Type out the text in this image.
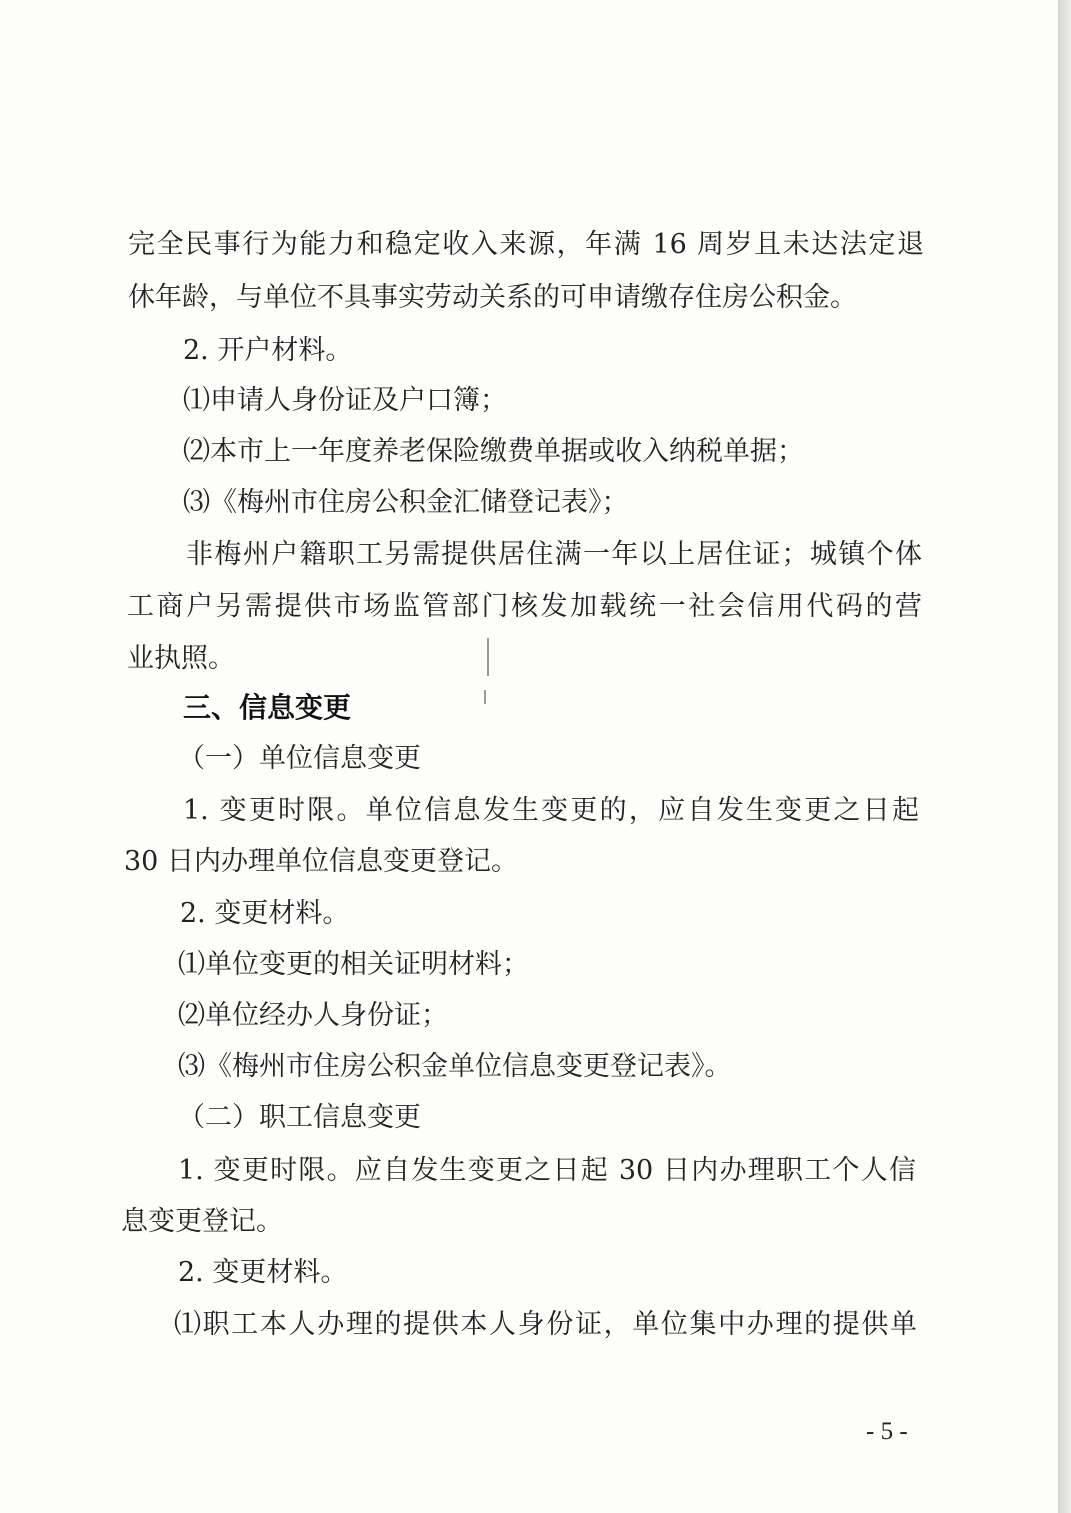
完全民事行为能力和稳定收入来源，年满 16 周岁且未达法定退
休年龄，与单位不具事实劳动关系的可申请缴存住房公积金。
2. 开户材料。
⑴申请人身份证及户口簿；
⑵本市上一年度养老保险缴费单据或收入纳税单据；
⑶《梅州市住房公积金汇储登记表》；
非梅州户籍职工另需提供居住满一年以上居住证；城镇个体
工商户另需提供市场监管部门核发加载统一社会信用代码的营
业执照。
三、信息变更
（一）单位信息变更
1. 变更时限。单位信息发生变更的，应自发生变更之日起
30 日内办理单位信息变更登记。
2. 变更材料。
⑴单位变更的相关证明材料；
⑵单位经办人身份证；
⑶《梅州市住房公积金单位信息变更登记表》。
（二）职工信息变更
1. 变更时限。应自发生变更之日起 30 日内办理职工个人信
息变更登记。
2. 变更材料。
⑴职工本人办理的提供本人身份证，单位集中办理的提供单
- 5 -
